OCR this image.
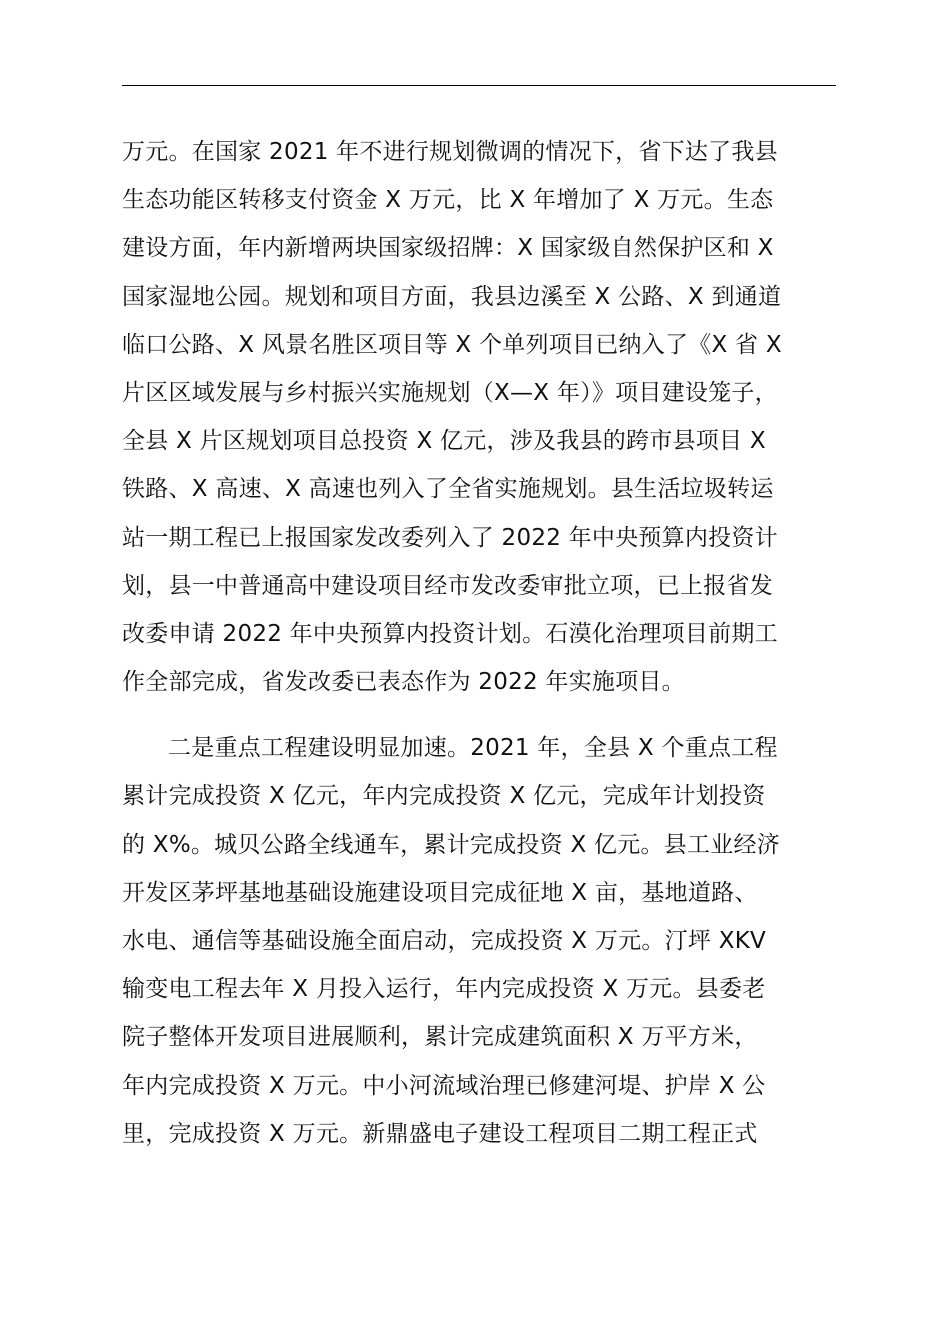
万元。在国家 2021 年不进行规划微调的情况下，省下达了我县
生态功能区转移支付资金 X 万元，比 X 年增加了 X 万元。生态
建设方面，年内新增两块国家级招牌：X 国家级自然保护区和 X
国家湿地公园。规划和项目方面，我县边溪至 X 公路、X 到通道
临口公路、X 风景名胜区项目等 X 个单列项目已纳入了《X 省 X
片区区域发展与乡村振兴实施规划（X—X 年）》项目建设笼子，
全县 X 片区规划项目总投资 X 亿元，涉及我县的跨市县项目 X
铁路、X 高速、X 高速也列入了全省实施规划。县生活垃圾转运
站一期工程已上报国家发改委列入了 2022 年中央预算内投资计
划，县一中普通高中建设项目经市发改委审批立项，已上报省发
改委申请 2022 年中央预算内投资计划。石漠化治理项目前期工
作全部完成，省发改委已表态作为 2022 年实施项目。
二是重点工程建设明显加速。2021 年，全县 X 个重点工程
累计完成投资 X 亿元，年内完成投资 X 亿元，完成年计划投资
的 X%。城贝公路全线通车，累计完成投资 X 亿元。县工业经济
开发区茅坪基地基础设施建设项目完成征地 X 亩，基地道路、
水电、通信等基础设施全面启动，完成投资 X 万元。汀坪 XKV
输变电工程去年 X 月投入运行，年内完成投资 X 万元。县委老
院子整体开发项目进展顺利，累计完成建筑面积 X 万平方米，
年内完成投资 X 万元。中小河流域治理已修建河堤、护岸 X 公
里，完成投资 X 万元。新鼎盛电子建设工程项目二期工程正式
